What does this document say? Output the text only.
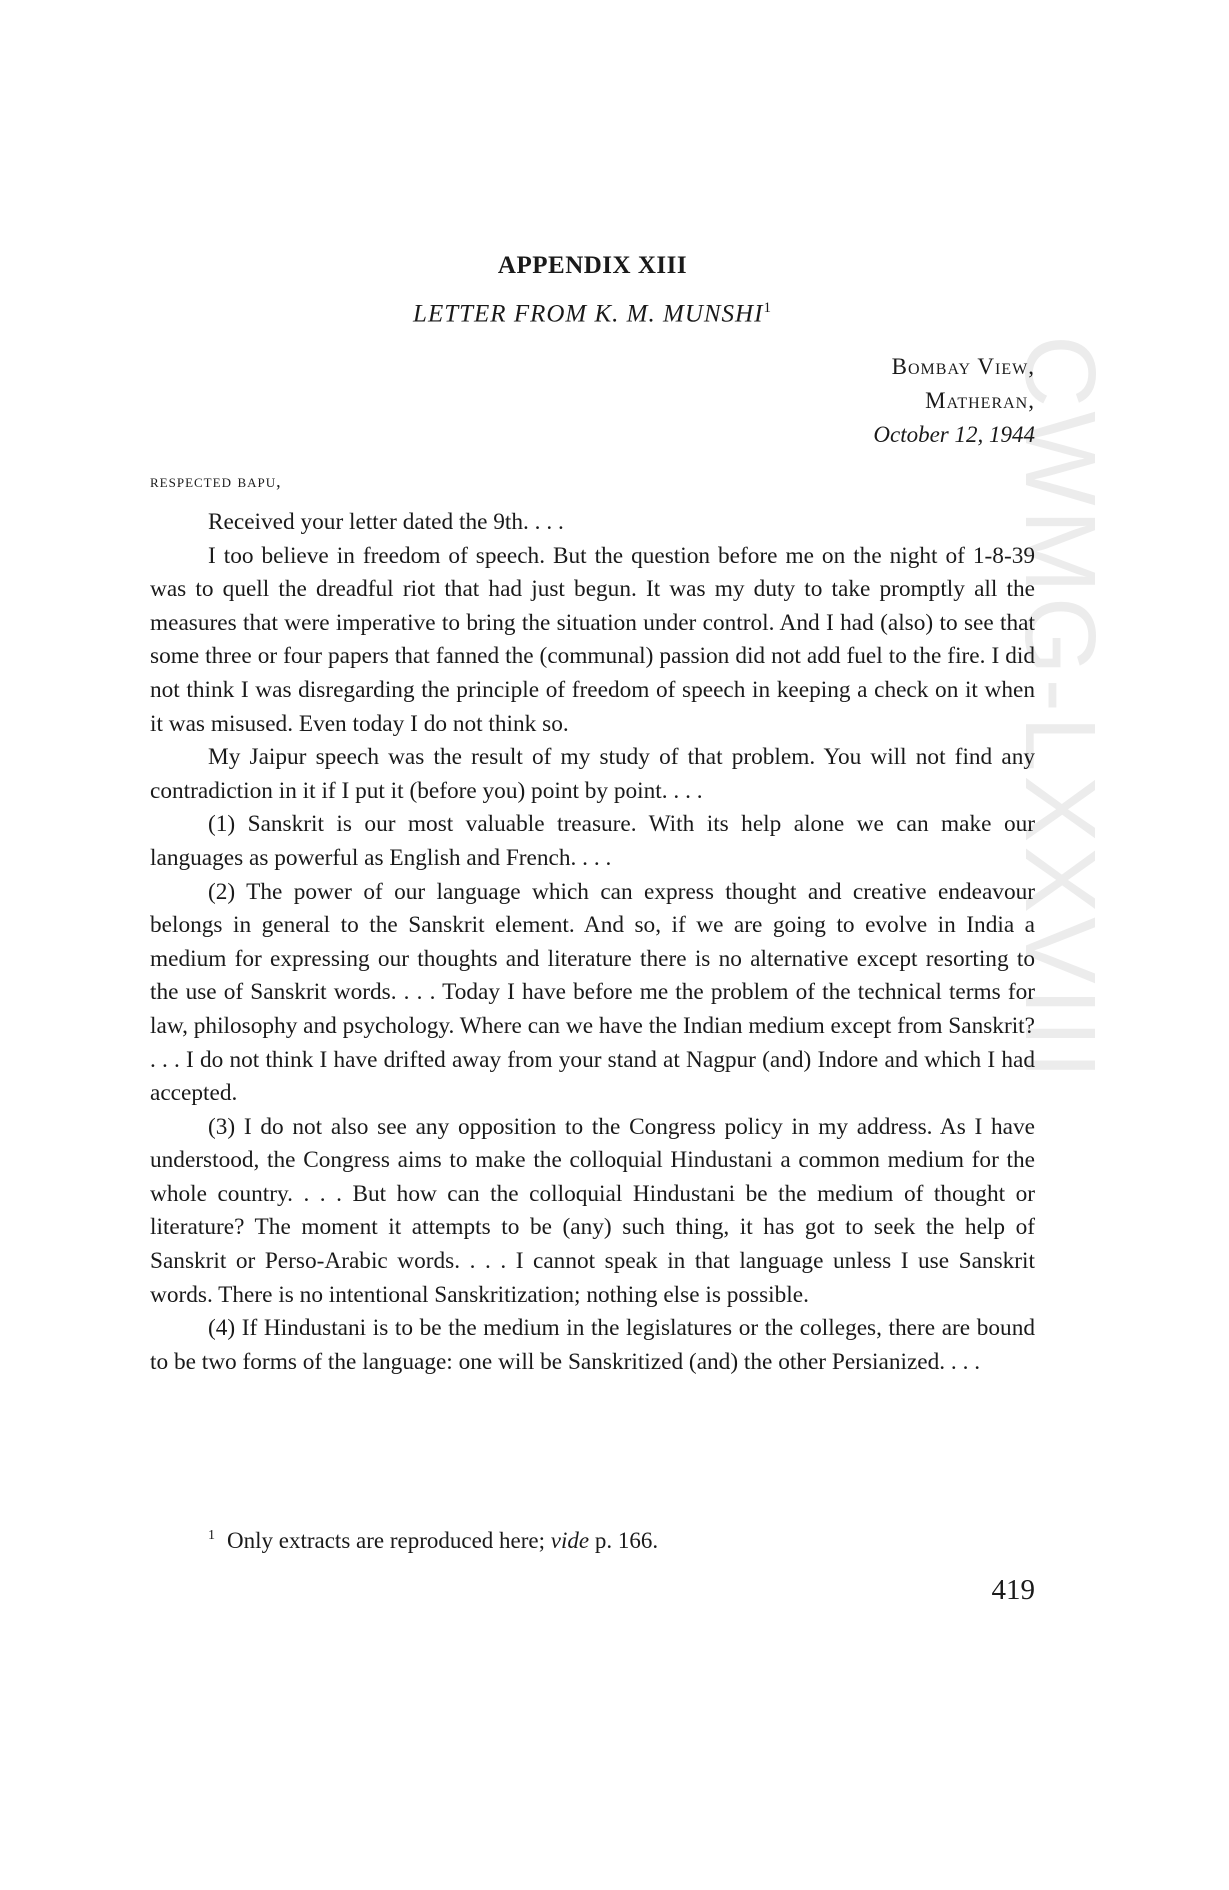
CWMG-LXXVIII
APPENDIX XIII
LETTER FROM K. M. MUNSHI$^1$
Bombay View,
Matheran,
October 12, 1944
respected bapu,

Received your letter dated the 9th. . . .

I too believe in freedom of speech. But the question before me on the night of 1-8-39 was to quell the dreadful riot that had just begun. It was my duty to take promptly all the measures that were imperative to bring the situation under control. And I had (also) to see that some three or four papers that fanned the (communal) passion did not add fuel to the fire. I did not think I was disregarding the principle of freedom of speech in keeping a check on it when it was misused. Even today I do not think so.

My Jaipur speech was the result of my study of that problem. You will not find any contradiction in it if I put it (before you) point by point. . . .

(1) Sanskrit is our most valuable treasure. With its help alone we can make our languages as powerful as English and French. . . .

(2) The power of our language which can express thought and creative endeavour belongs in general to the Sanskrit element. And so, if we are going to evolve in India a medium for expressing our thoughts and literature there is no alternative except resorting to the use of Sanskrit words. . . . Today I have before me the problem of the technical terms for law, philosophy and psychology. Where can we have the Indian medium except from Sanskrit? . . . I do not think I have drifted away from your stand at Nagpur (and) Indore and which I had accepted.

(3) I do not also see any opposition to the Congress policy in my address. As I have understood, the Congress aims to make the colloquial Hindustani a common medium for the whole country. . . . But how can the colloquial Hindustani be the medium of thought or literature? The moment it attempts to be (any) such thing, it has got to seek the help of Sanskrit or Perso-Arabic words. . . . I cannot speak in that language unless I use Sanskrit words. There is no intentional Sanskritization; nothing else is possible.

(4) If Hindustani is to be the medium in the legislatures or the colleges, there are bound to be two forms of the language: one will be Sanskritized (and) the other Persianized. . . .

$^1$ Only extracts are reproduced here; vide p. 166.
419
